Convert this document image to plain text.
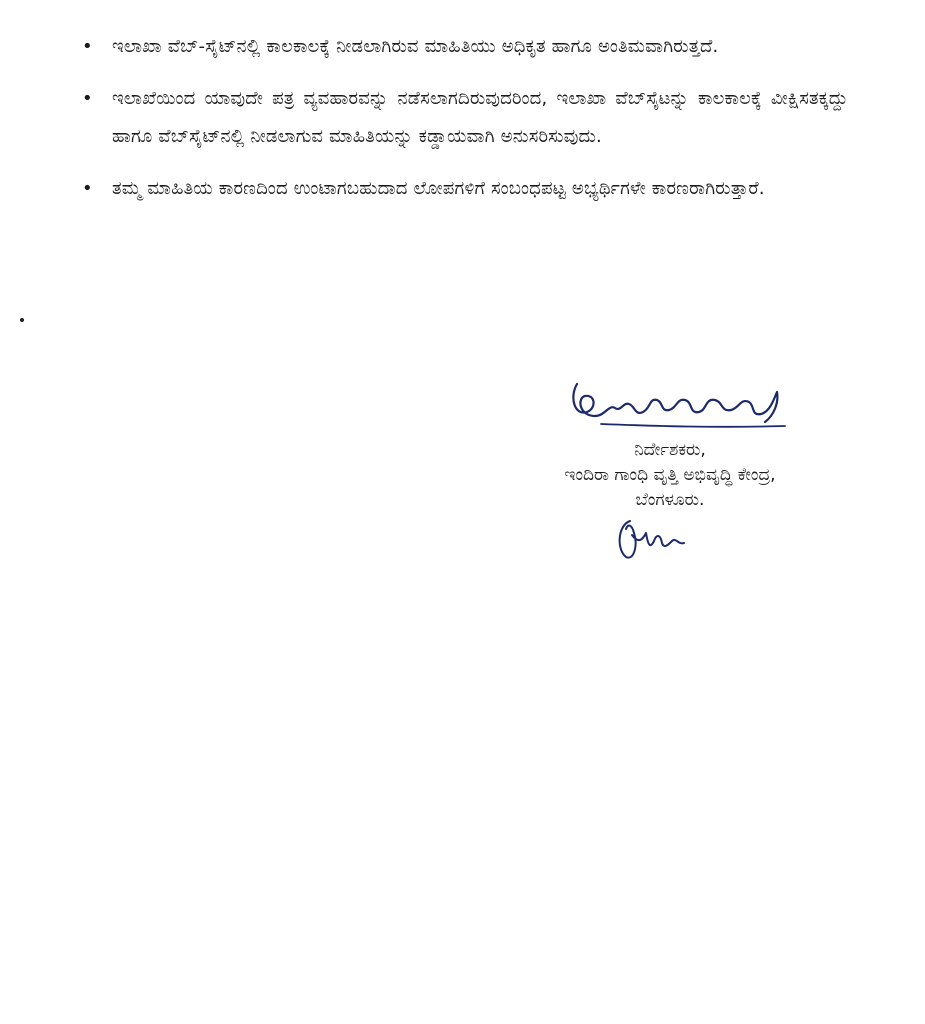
• ಇಲಾಖಾ ವೆಬ್-ಸೈಟ್‌ನಲ್ಲಿ ಕಾಲಕಾಲಕ್ಕೆ ನೀಡಲಾಗಿರುವ ಮಾಹಿತಿಯು ಅಧಿಕೃತ ಹಾಗೂ ಅಂತಿಮವಾಗಿರುತ್ತದೆ.
• ಇಲಾಖೆಯಿಂದ ಯಾವುದೇ ಪತ್ರ ವ್ಯವಹಾರವನ್ನು ನಡೆಸಲಾಗದಿರುವುದರಿಂದ, ಇಲಾಖಾ ವೆಬ್‌ಸೈಟನ್ನು ಕಾಲಕಾಲಕ್ಕೆ ವೀಕ್ಷಿಸತಕ್ಕದ್ದು ಹಾಗೂ ವೆಬ್‌ಸೈಟ್‌ನಲ್ಲಿ ನೀಡಲಾಗುವ ಮಾಹಿತಿಯನ್ನು ಕಡ್ಡಾಯವಾಗಿ ಅನುಸರಿಸುವುದು.
• ತಮ್ಮ ಮಾಹಿತಿಯ ಕಾರಣದಿಂದ ಉಂಟಾಗಬಹುದಾದ ಲೋಪಗಳಿಗೆ ಸಂಬಂಧಪಟ್ಟ ಅಭ್ಯರ್ಥಿಗಳೇ ಕಾರಣರಾಗಿರುತ್ತಾರೆ.

ನಿರ್ದೇಶಕರು,

ಇಂದಿರಾ ಗಾಂಧಿ ವೃತ್ತಿ ಅಭಿವೃದ್ಧಿ ಕೇಂದ್ರ,

ಬೆಂಗಳೂರು.
